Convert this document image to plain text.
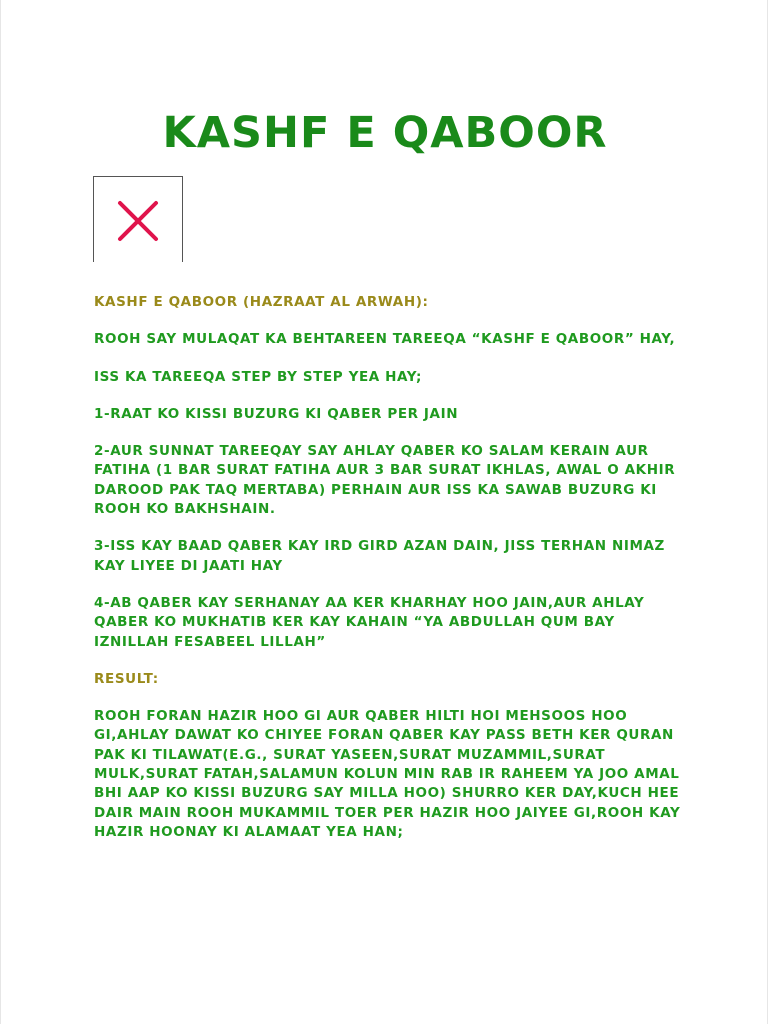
KASHF E QABOOR

KASHF E QABOOR (HAZRAAT AL ARWAH):

ROOH SAY MULAQAT KA BEHTAREEN TAREEQA “KASHF E QABOOR” HAY,

ISS KA TAREEQA STEP BY STEP YEA HAY;

1-RAAT KO KISSI BUZURG KI QABER PER JAIN

2-AUR SUNNAT TAREEQAY SAY AHLAY QABER KO SALAM KERAIN AUR FATIHA (1 BAR SURAT FATIHA AUR 3 BAR SURAT IKHLAS, AWAL O AKHIR DAROOD PAK TAQ MERTABA) PERHAIN AUR ISS KA SAWAB BUZURG KI ROOH KO BAKHSHAIN.

3-ISS KAY BAAD QABER KAY IRD GIRD AZAN DAIN, JISS TERHAN NIMAZ KAY LIYEE DI JAATI HAY

4-AB QABER KAY SERHANAY AA KER KHARHAY HOO JAIN,AUR AHLAY QABER KO MUKHATIB KER KAY KAHAIN “YA ABDULLAH QUM BAY IZNILLAH FESABEEL LILLAH”

RESULT:

ROOH FORAN HAZIR HOO GI AUR QABER HILTI HOI MEHSOOS HOO GI,AHLAY DAWAT KO CHIYEE FORAN QABER KAY PASS BETH KER QURAN PAK KI TILAWAT(E.G., SURAT YASEEN,SURAT MUZAMMIL,SURAT MULK,SURAT FATAH,SALAMUN KOLUN MIN RAB IR RAHEEM YA JOO AMAL BHI AAP KO KISSI BUZURG SAY MILLA HOO) SHURRO KER DAY,KUCH HEE DAIR MAIN ROOH MUKAMMIL TOER PER HAZIR HOO JAIYEE GI,ROOH KAY HAZIR HOONAY KI ALAMAAT YEA HAN;
